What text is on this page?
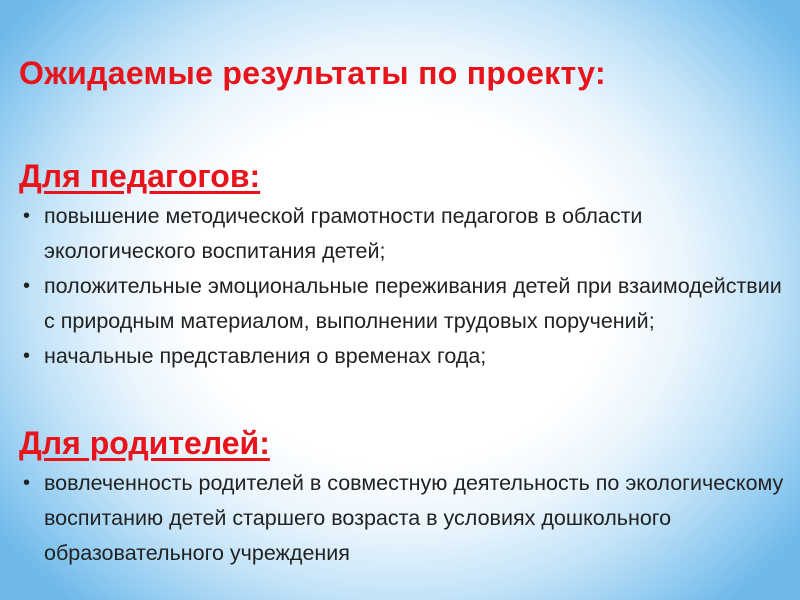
Ожидаемые результаты по проекту:
Для педагогов:
• повышение методической грамотности педагогов в области экологического воспитания детей;
• положительные эмоциональные переживания детей при взаимодействии с природным материалом, выполнении трудовых поручений;
• начальные представления о временах года;
Для родителей:
• вовлеченность родителей в совместную деятельность по экологическому воспитанию детей старшего возраста в условиях дошкольного образовательного учреждения
